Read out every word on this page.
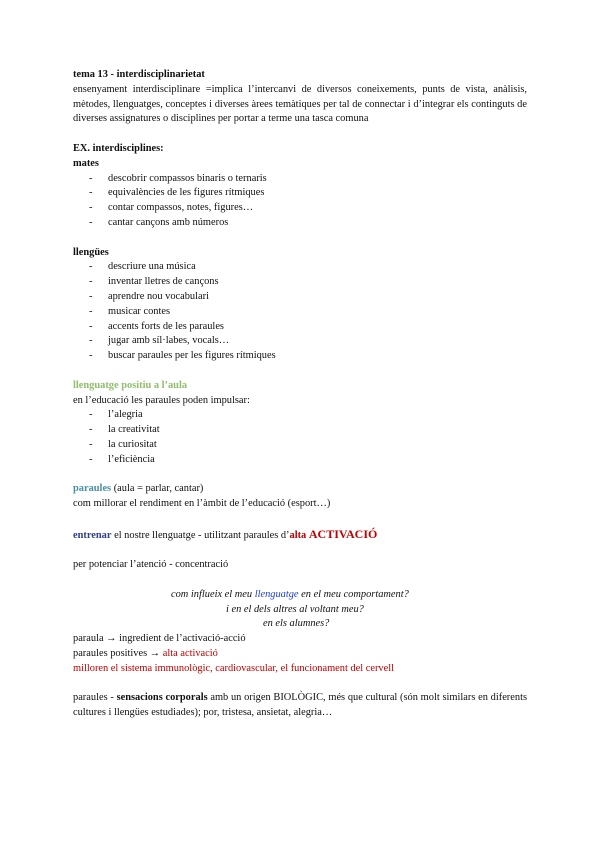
tema 13 - interdisciplinarietat

ensenyament interdisciplinare =implica l’intercanvi de diversos coneixements, punts de vista, anàlisis, mètodes, llenguatges, conceptes i diverses àrees temàtiques per tal de connectar i d’integrar els continguts de diverses assignatures o disciplines per portar a terme una tasca comuna

EX. interdisciplines:

mates

- descobrir compassos binaris o ternaris
- equivalències de les figures rítmiques
- contar compassos, notes, figures…
- cantar cançons amb números

llengües

- descriure una música
- inventar lletres de cançons
- aprendre nou vocabulari
- musicar contes
- accents forts de les paraules
- jugar amb síl·labes, vocals…
- buscar paraules per les figures rítmiques

llenguatge positiu a l’aula

en l’educació les paraules poden impulsar:

- l’alegria
- la creativitat
- la curiositat
- l’eficiència

paraules (aula = parlar, cantar)

com millorar el rendiment en l’àmbit de l’educació (esport…)

entrenar el nostre llenguatge - utilitzant paraules d’alta ACTIVACIÓ

per potenciar l’atenció - concentració

com influeix el meu llenguatge en el meu comportament?

i en el dels altres al voltant meu?

en els alumnes?

paraula → ingredient de l’activació-acció

paraules positives → alta activació

milloren el sistema immunològic, cardiovascular, el funcionament del cervell

paraules - sensacions corporals amb un origen BIOLÒGIC, més que cultural (són molt similars en diferents cultures i llengües estudiades); por, tristesa, ansietat, alegria…
